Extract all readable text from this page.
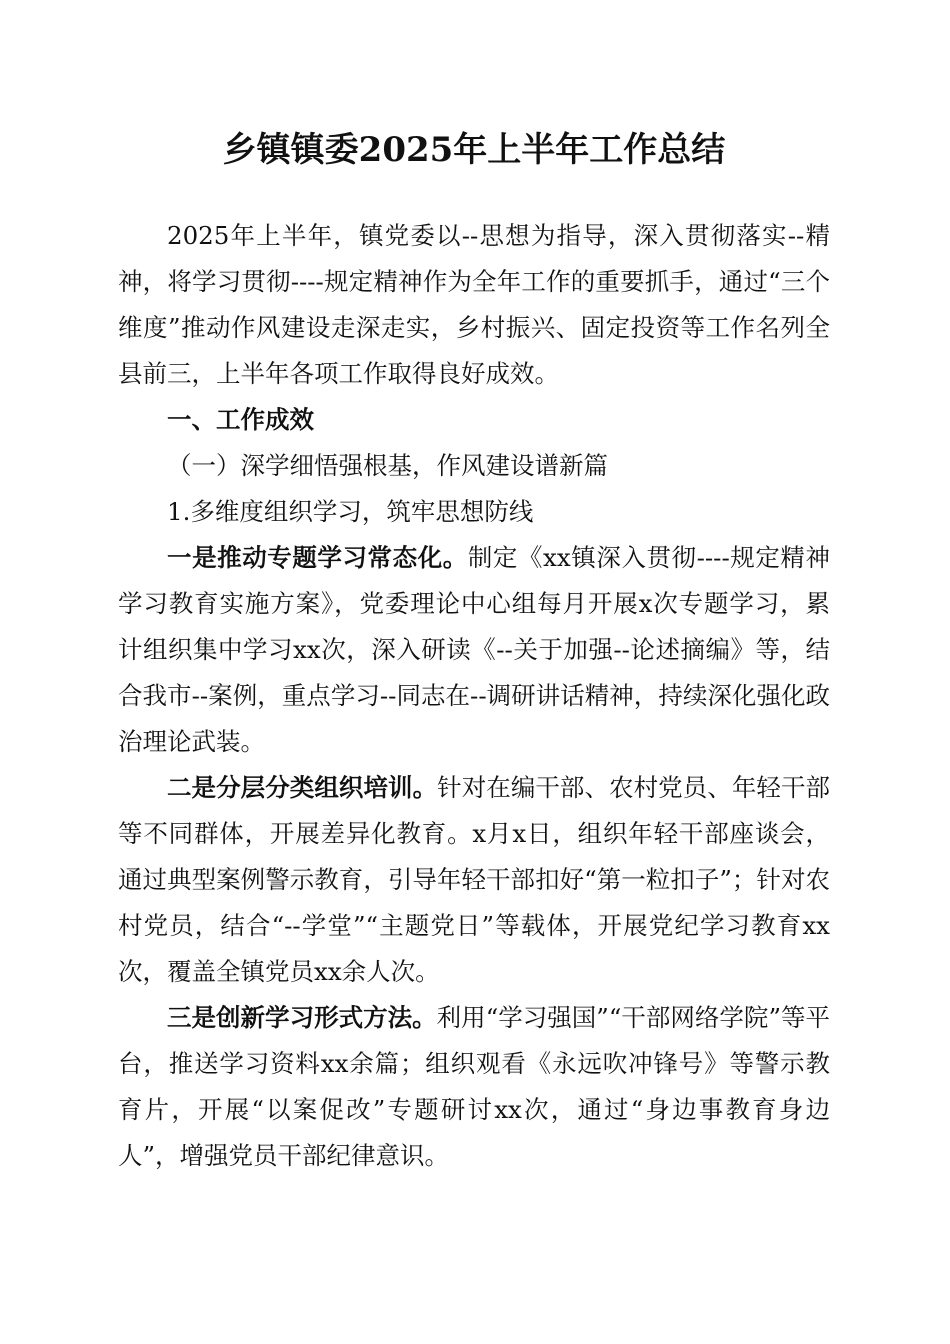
乡镇镇委2025年上半年工作总结

2025年上半年，镇党委以--思想为指导，深入贯彻落实--精神，将学习贯彻----规定精神作为全年工作的重要抓手，通过“三个维度”推动作风建设走深走实，乡村振兴、固定投资等工作名列全县前三，上半年各项工作取得良好成效。

一、工作成效

（一）深学细悟强根基，作风建设谱新篇

1.多维度组织学习，筑牢思想防线

一是推动专题学习常态化。制定《xx镇深入贯彻----规定精神学习教育实施方案》，党委理论中心组每月开展x次专题学习，累计组织集中学习xx次，深入研读《--关于加强--论述摘编》等，结合我市--案例，重点学习--同志在--调研讲话精神，持续深化强化政治理论武装。

二是分层分类组织培训。针对在编干部、农村党员、年轻干部等不同群体，开展差异化教育。x月x日，组织年轻干部座谈会，通过典型案例警示教育，引导年轻干部扣好“第一粒扣子”；针对农村党员，结合“--学堂”“主题党日”等载体，开展党纪学习教育xx次，覆盖全镇党员xx余人次。

三是创新学习形式方法。利用“学习强国”“干部网络学院”等平台，推送学习资料xx余篇；组织观看《永远吹冲锋号》等警示教育片，开展“以案促改”专题研讨xx次，通过“身边事教育身边人”，增强党员干部纪律意识。
